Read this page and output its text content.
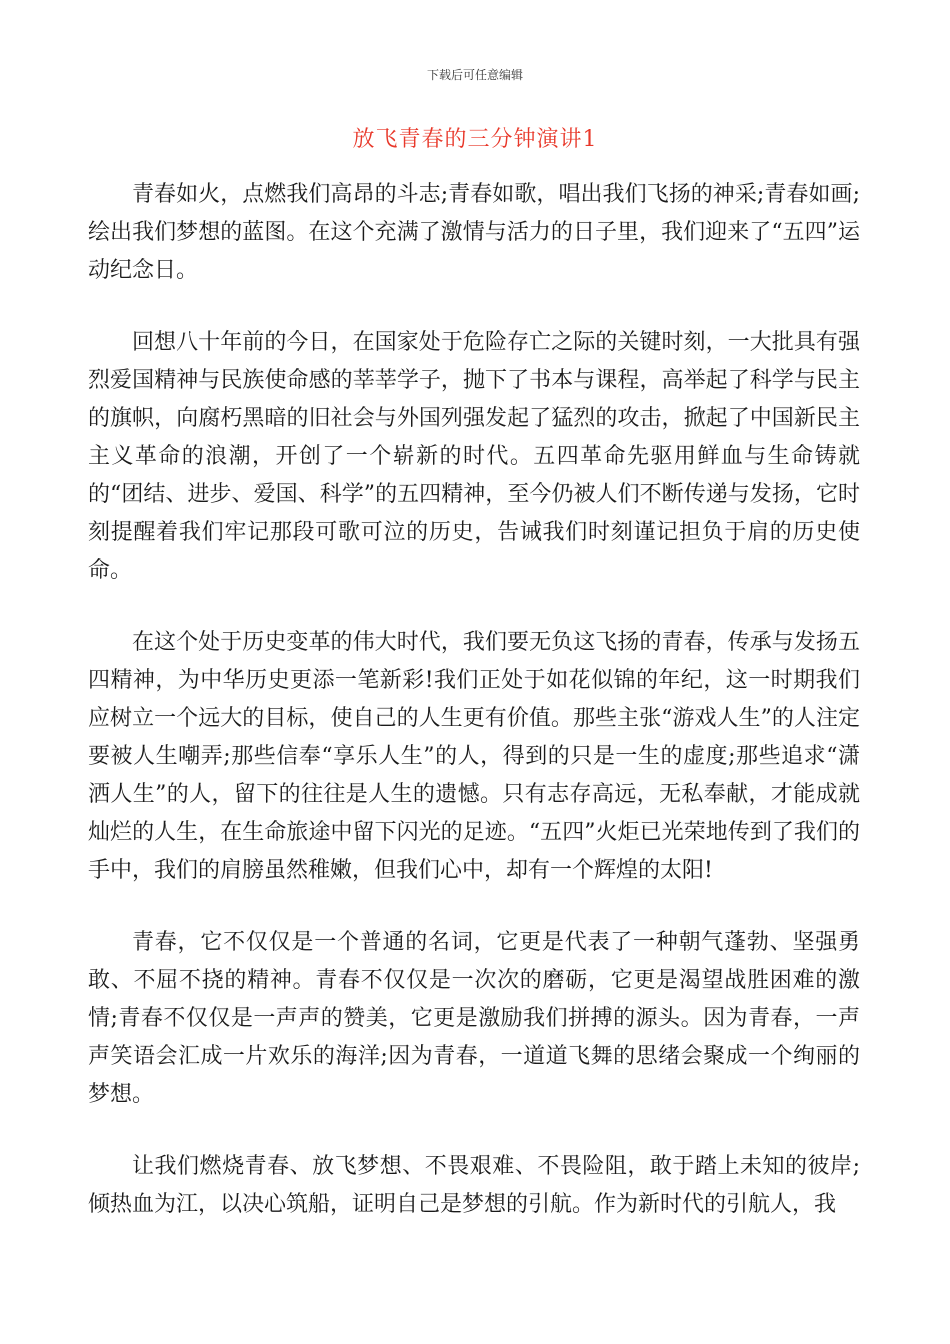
下载后可任意编辑
放飞青春的三分钟演讲1

青春如火，点燃我们高昂的斗志;青春如歌，唱出我们飞扬的神采;青春如画;绘出我们梦想的蓝图。在这个充满了激情与活力的日子里，我们迎来了“五四”运动纪念日。

回想八十年前的今日，在国家处于危险存亡之际的关键时刻，一大批具有强烈爱国精神与民族使命感的莘莘学子，抛下了书本与课程，高举起了科学与民主的旗帜，向腐朽黑暗的旧社会与外国列强发起了猛烈的攻击，掀起了中国新民主主义革命的浪潮，开创了一个崭新的时代。五四革命先驱用鲜血与生命铸就的“团结、进步、爱国、科学”的五四精神，至今仍被人们不断传递与发扬，它时刻提醒着我们牢记那段可歌可泣的历史，告诫我们时刻谨记担负于肩的历史使命。

在这个处于历史变革的伟大时代，我们要无负这飞扬的青春，传承与发扬五四精神，为中华历史更添一笔新彩!我们正处于如花似锦的年纪，这一时期我们应树立一个远大的目标，使自己的人生更有价值。那些主张“游戏人生”的人注定要被人生嘲弄;那些信奉“享乐人生”的人，得到的只是一生的虚度;那些追求“潇洒人生”的人，留下的往往是人生的遗憾。只有志存高远，无私奉献，才能成就灿烂的人生，在生命旅途中留下闪光的足迹。“五四”火炬已光荣地传到了我们的手中，我们的肩膀虽然稚嫩，但我们心中，却有一个辉煌的太阳!

青春，它不仅仅是一个普通的名词，它更是代表了一种朝气蓬勃、坚强勇敢、不屈不挠的精神。青春不仅仅是一次次的磨砺，它更是渴望战胜困难的激情;青春不仅仅是一声声的赞美，它更是激励我们拼搏的源头。因为青春，一声声笑语会汇成一片欢乐的海洋;因为青春，一道道飞舞的思绪会聚成一个绚丽的梦想。

让我们燃烧青春、放飞梦想、不畏艰难、不畏险阻，敢于踏上未知的彼岸;倾热血为江，以决心筑船，证明自己是梦想的引航。作为新时代的引航人，我
